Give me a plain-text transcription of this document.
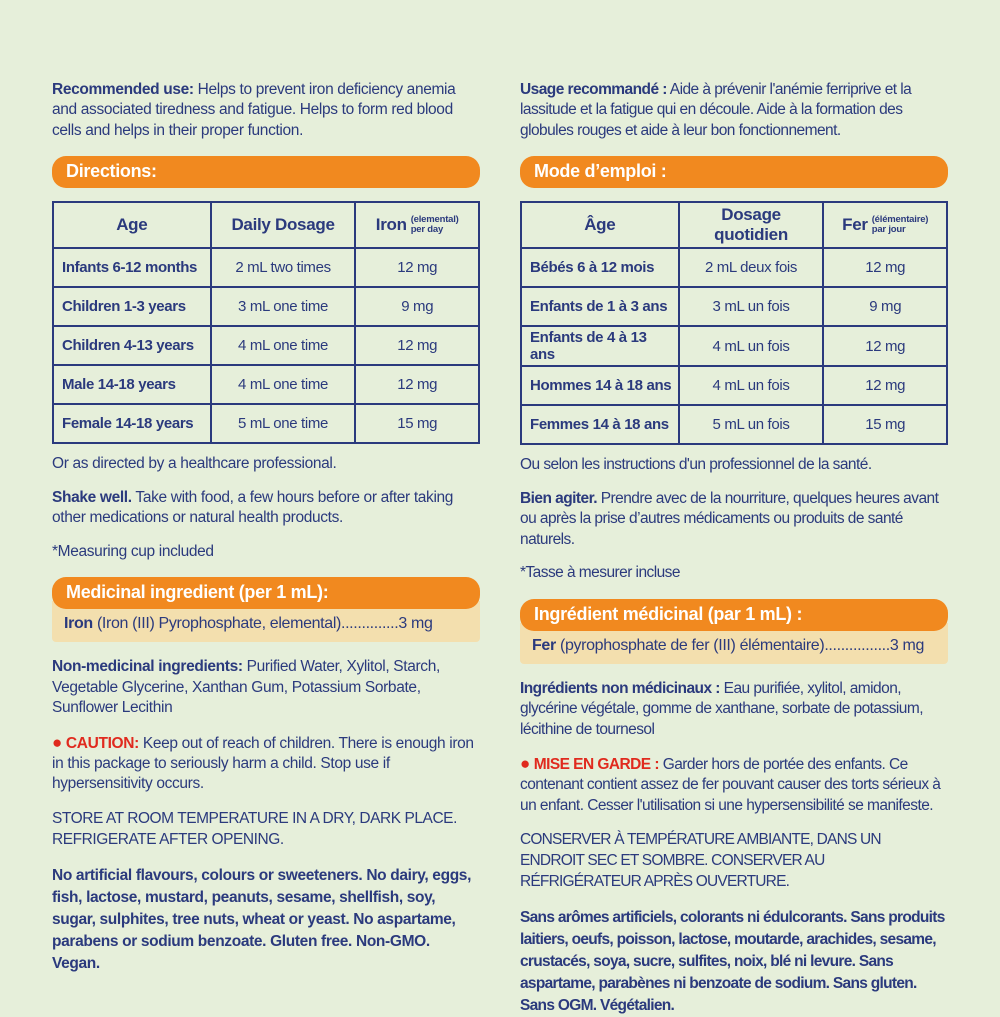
Recommended use: Helps to prevent iron deficiency anemia and associated tiredness and fatigue. Helps to form red blood cells and helps in their proper function.

Directions:
Age	Daily Dosage	Iron (elemental)
per day

Infants 6-12 months	2 mL two times	12 mg
Children 1-3 years	3 mL one time	9 mg
Children 4-13 years	4 mL one time	12 mg
Male 14-18 years	4 mL one time	12 mg
Female 14-18 years	5 mL one time	15 mg

Or as directed by a healthcare professional.

Shake well. Take with food, a few hours before or after taking other medications or natural health products.

*Measuring cup included

Medicinal ingredient (per 1 mL):
Iron (Iron (III) Pyrophosphate, elemental)..............3 mg

Non-medicinal ingredients: Purified Water, Xylitol, Starch, Vegetable Glycerine, Xanthan Gum, Potassium Sorbate, Sunflower Lecithin

● CAUTION: Keep out of reach of children. There is enough iron in this package to seriously harm a child. Stop use if hypersensitivity occurs.

STORE AT ROOM TEMPERATURE IN A DRY, DARK PLACE. REFRIGERATE AFTER OPENING.

No artificial flavours, colours or sweeteners. No dairy, eggs, fish, lactose, mustard, peanuts, sesame, shellfish, soy, sugar, sulphites, tree nuts, wheat or yeast. No aspartame, parabens or sodium benzoate. Gluten free. Non-GMO. Vegan.

Usage recommandé : Aide à prévenir l'anémie ferriprive et la lassitude et la fatigue qui en découle. Aide à la formation des globules rouges et aide à leur bon fonctionnement.

Mode d’emploi :
Âge	Dosage quotidien	Fer (élémentaire)
par jour

Bébés 6 à 12 mois	2 mL deux fois	12 mg
Enfants de 1 à 3 ans	3 mL un fois	9 mg
Enfants de 4 à 13 ans	4 mL un fois	12 mg
Hommes 14 à 18 ans	4 mL un fois	12 mg
Femmes 14 à 18 ans	5 mL un fois	15 mg

Ou selon les instructions d'un professionnel de la santé.

Bien agiter. Prendre avec de la nourriture, quelques heures avant ou après la prise d’autres médicaments ou produits de santé naturels.

*Tasse à mesurer incluse

Ingrédient médicinal (par 1 mL) :
Fer (pyrophosphate de fer (III) élémentaire)................3 mg

Ingrédients non médicinaux : Eau purifiée, xylitol, amidon, glycérine végétale, gomme de xanthane, sorbate de potassium, lécithine de tournesol

● MISE EN GARDE : Garder hors de portée des enfants. Ce contenant contient assez de fer pouvant causer des torts sérieux à un enfant. Cesser l'utilisation si une hypersensibilité se manifeste.

CONSERVER À TEMPÉRATURE AMBIANTE, DANS UN ENDROIT SEC ET SOMBRE. CONSERVER AU RÉFRIGÉRATEUR APRÈS OUVERTURE.

Sans arômes artificiels, colorants ni édulcorants. Sans produits laitiers, oeufs, poisson, lactose, moutarde, arachides, sesame, crustacés, soya, sucre, sulfites, noix, blé ni levure. Sans aspartame, parabènes ni benzoate de sodium. Sans gluten. Sans OGM. Végétalien.
